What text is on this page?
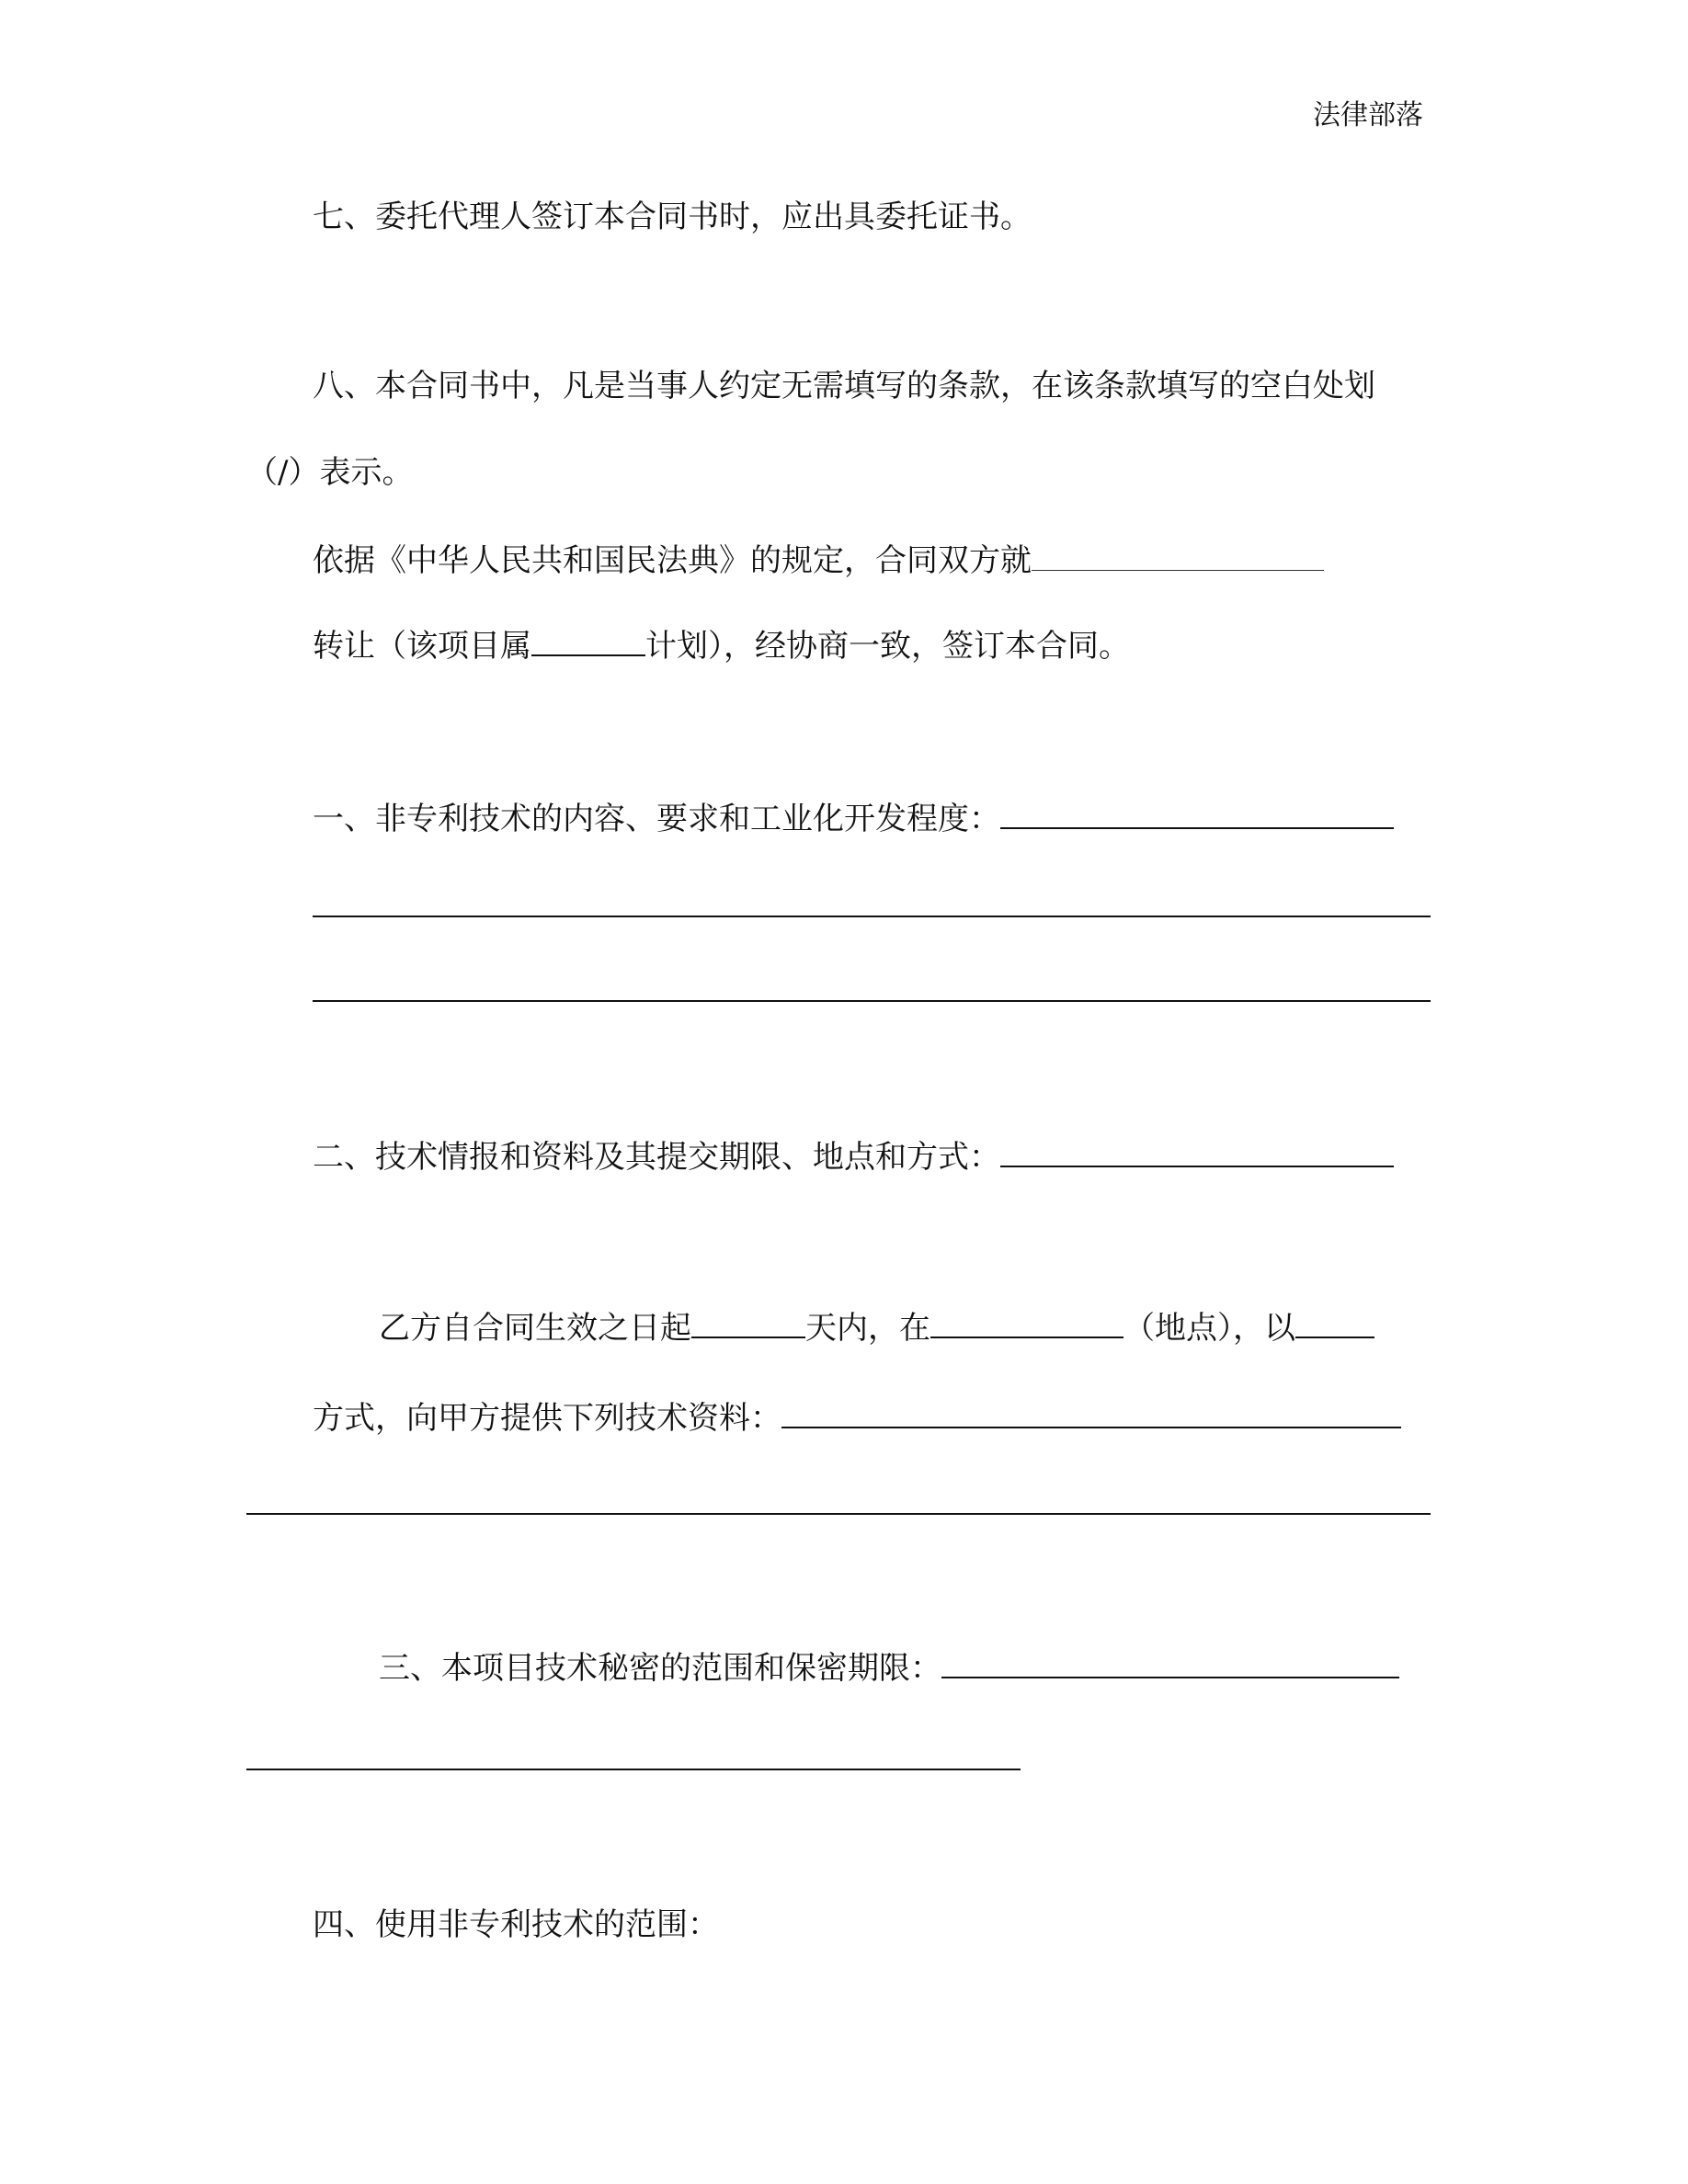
法律部落
七、委托代理人签订本合同书时，应出具委托证书。
八、本合同书中，凡是当事人约定无需填写的条款，在该条款填写的空白处划
（/）表示。
依据《中华人民共和国民法典》的规定，合同双方就
转让（该项目属	计划），经协商一致，签订本合同。
一、非专利技术的内容、要求和工业化开发程度：
二、技术情报和资料及其提交期限、地点和方式：
乙方自合同生效之日起	天内，在	（地点），以
方式，向甲方提供下列技术资料：
三、本项目技术秘密的范围和保密期限：
四、使用非专利技术的范围：
